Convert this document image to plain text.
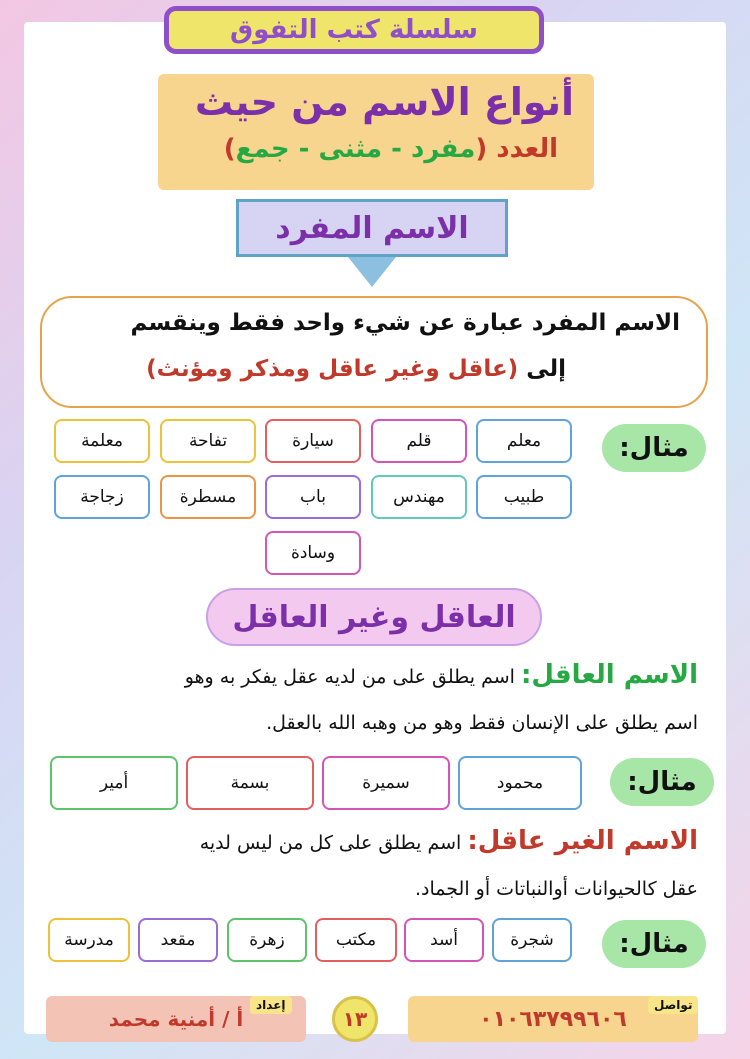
سلسلة كتب التفوق
أنواع الاسم من حيث
العدد (مفرد - مثنى - جمع)
الاسم المفرد
الاسم المفرد عبارة عن شيء واحد فقط وينقسم
إلى (عاقل وغير عاقل ومذكر ومؤنث)
مثال:
معلم
قلم
سيارة
تفاحة
معلمة
طبيب
مهندس
باب
مسطرة
زجاجة
وسادة
العاقل وغير العاقل
الاسم العاقل: اسم يطلق على من لديه عقل يفكر به وهو
اسم يطلق على الإنسان فقط وهو من وهبه الله بالعقل.
مثال:
محمود
سميرة
بسمة
أمير
الاسم الغير عاقل: اسم يطلق على كل من ليس لديه
عقل كالحيوانات أوالنباتات أو الجماد.
مثال:
شجرة
أسد
مكتب
زهرة
مقعد
مدرسة
أ / أمنية محمد
إعداد
١٣	٠١٠٦٣٧٩٩٦٠٦
تواصل
